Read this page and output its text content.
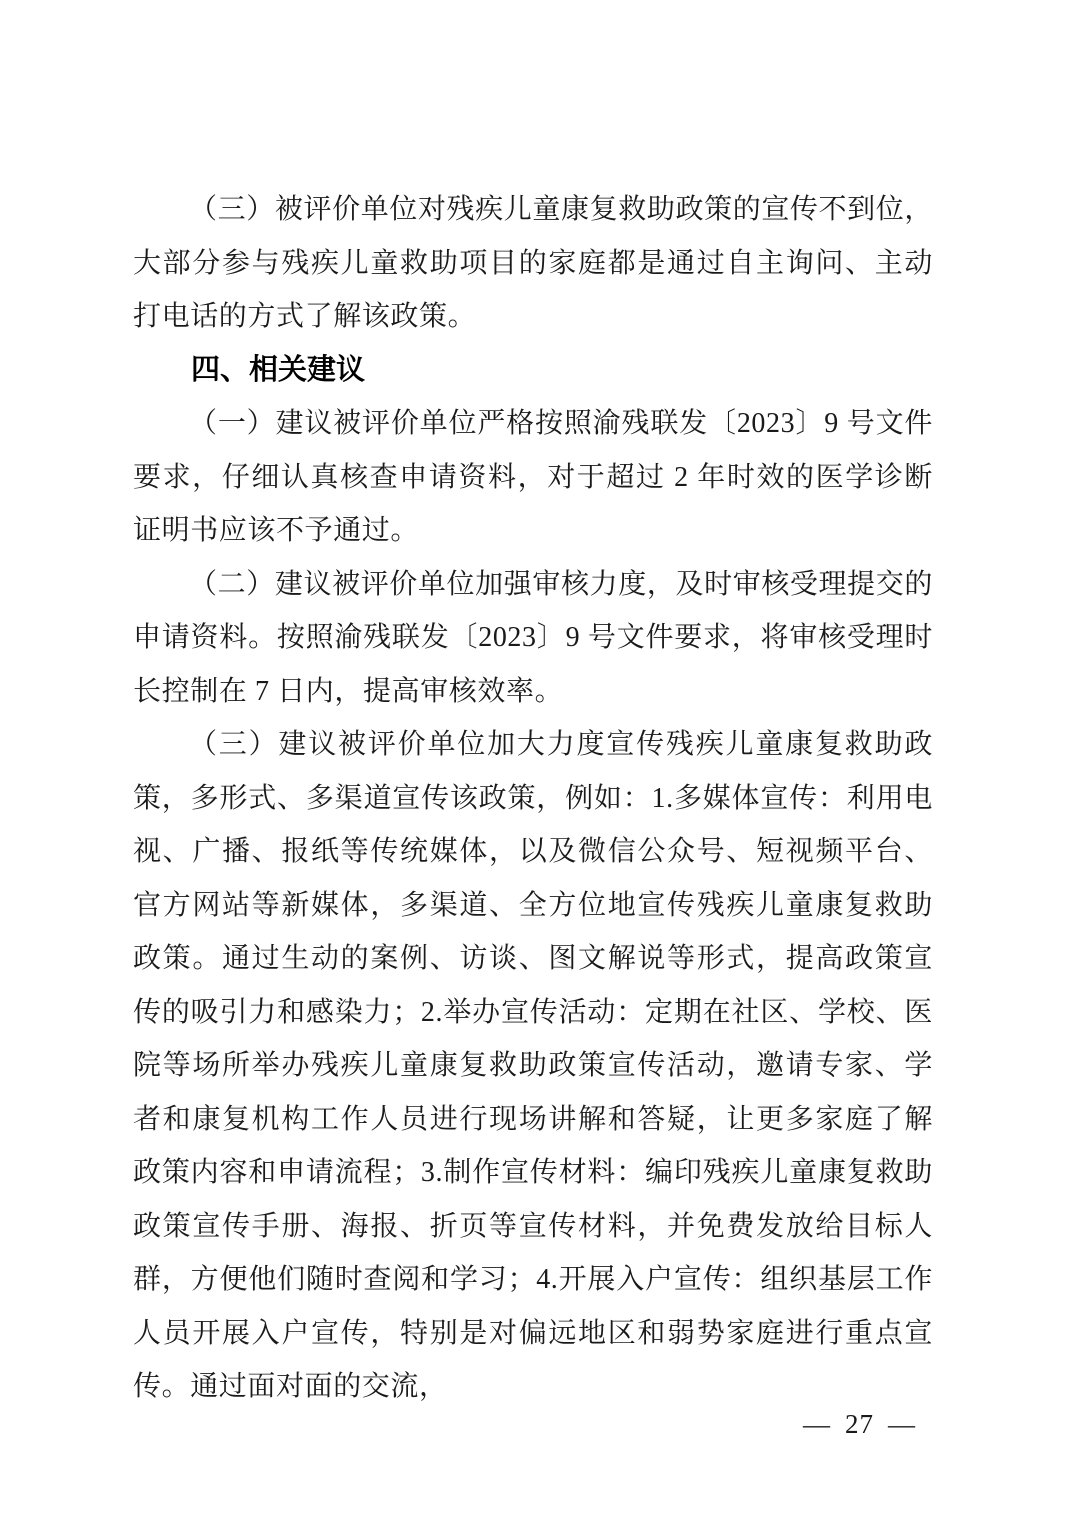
（三）被评价单位对残疾儿童康复救助政策的宣传不到位，大部分参与残疾儿童救助项目的家庭都是通过自主询问、主动打电话的方式了解该政策。

四、相关建议

（一）建议被评价单位严格按照渝残联发〔2023〕9 号文件要求，仔细认真核查申请资料，对于超过 2 年时效的医学诊断证明书应该不予通过。

（二）建议被评价单位加强审核力度，及时审核受理提交的申请资料。按照渝残联发〔2023〕9 号文件要求，将审核受理时长控制在 7 日内，提高审核效率。

（三）建议被评价单位加大力度宣传残疾儿童康复救助政策，多形式、多渠道宣传该政策，例如：1.多媒体宣传：利用电视、广播、报纸等传统媒体，以及微信公众号、短视频平台、官方网站等新媒体，多渠道、全方位地宣传残疾儿童康复救助政策。通过生动的案例、访谈、图文解说等形式，提高政策宣传的吸引力和感染力；2.举办宣传活动：定期在社区、学校、医院等场所举办残疾儿童康复救助政策宣传活动，邀请专家、学者和康复机构工作人员进行现场讲解和答疑，让更多家庭了解政策内容和申请流程；3.制作宣传材料：编印残疾儿童康复救助政策宣传手册、海报、折页等宣传材料，并免费发放给目标人群，方便他们随时查阅和学习；4.开展入户宣传：组织基层工作人员开展入户宣传，特别是对偏远地区和弱势家庭进行重点宣传。通过面对面的交流，

— 27 —
